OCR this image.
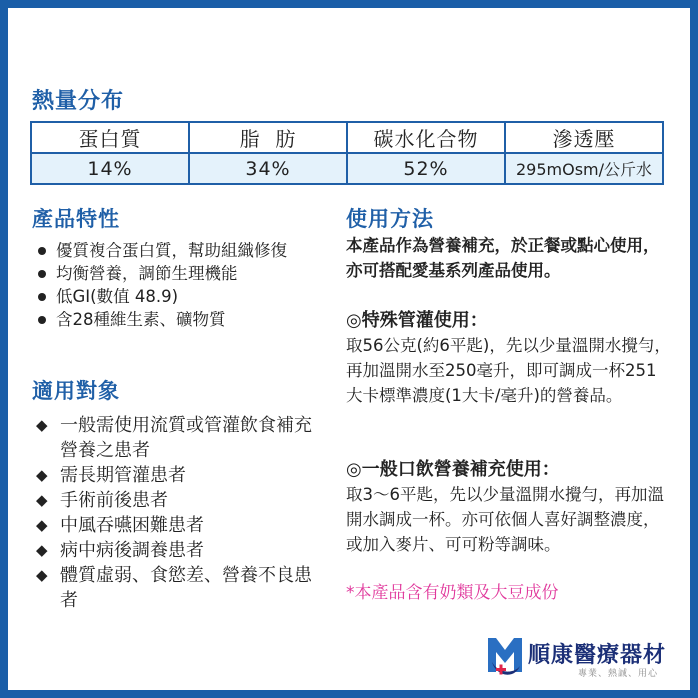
熱量分布
蛋白質	脂  肪	碳水化合物	滲透壓
14%	34%	52%	295mOsm/公斤水
產品特性
優質複合蛋白質，幫助組織修復
均衡營養，調節生理機能
低GI(數值 48.9)
含28種維生素、礦物質
適用對象
◆ 一般需使用流質或管灌飲食補充營養之患者
◆ 需長期管灌患者
◆ 手術前後患者
◆ 中風吞嚥困難患者
◆ 病中病後調養患者
◆ 體質虛弱、食慾差、營養不良患者
使用方法
本產品作為營養補充，於正餐或點心使用，亦可搭配愛基系列產品使用。
◎特殊管灌使用：
取56公克(約6平匙)，先以少量溫開水攪勻，再加溫開水至250毫升，即可調成一杯251大卡標準濃度(1大卡/毫升)的營養品。
◎一般口飲營養補充使用：
取3～6平匙，先以少量溫開水攪勻，再加溫開水調成一杯。亦可依個人喜好調整濃度，或加入麥片、可可粉等調味。
*本產品含有奶類及大豆成份
順康醫療器材
專業、熱誠、用心
